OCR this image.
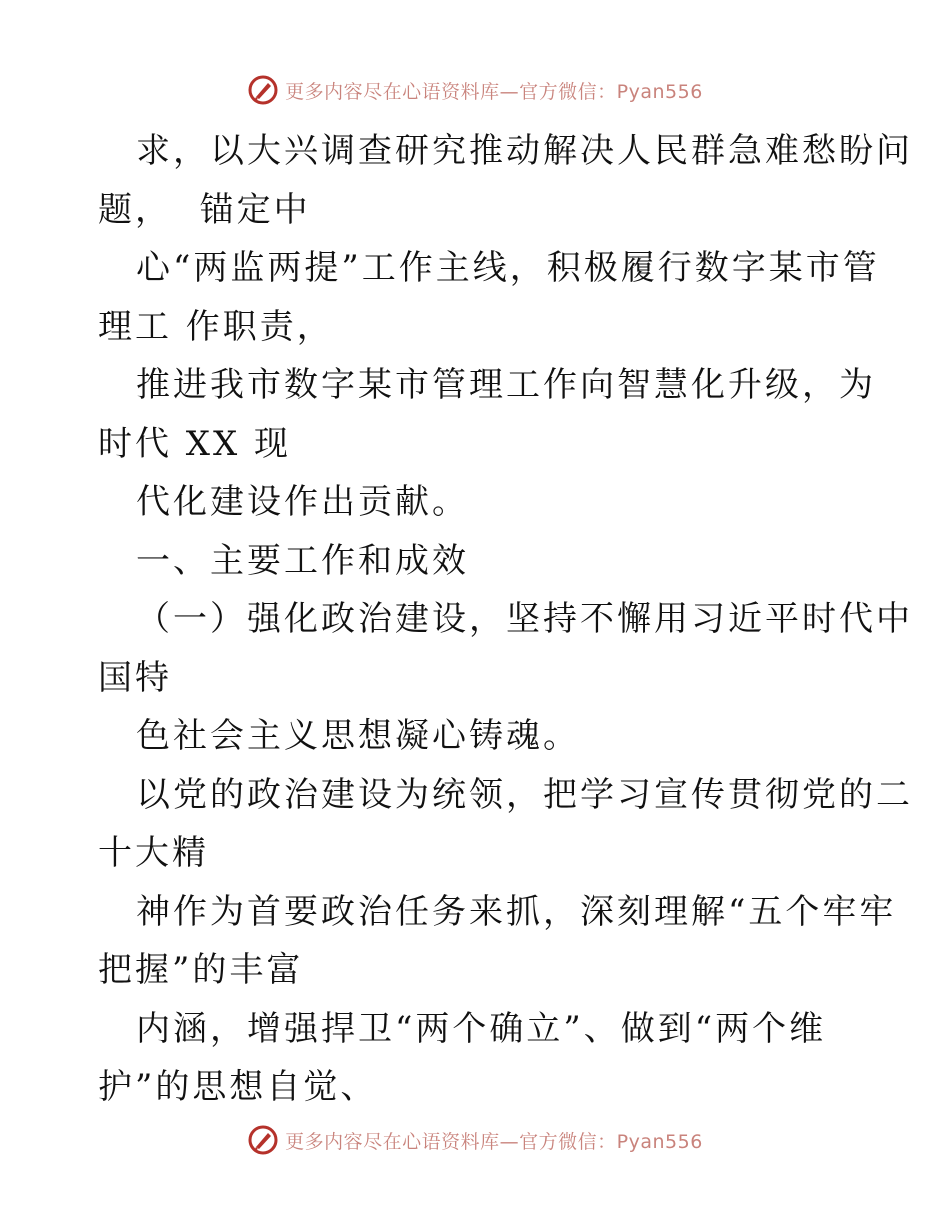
更多内容尽在心语资料库—官方微信：Pyan556
求，以大兴调查研究推动解决人民群急难愁盼问
题，  锚定中
心“两监两提”工作主线，积极履行数字某市管
理工 作职责，
推进我市数字某市管理工作向智慧化升级，为
时代 XX 现
代化建设作出贡献。
一、主要工作和成效
（一）强化政治建设，坚持不懈用习近平时代中
国特
色社会主义思想凝心铸魂。
以党的政治建设为统领，把学习宣传贯彻党的二
十大精
神作为首要政治任务来抓，深刻理解“五个牢牢
把握”的丰富
内涵，增强捍卫“两个确立”、做到“两个维
护”的思想自觉、
更多内容尽在心语资料库—官方微信：Pyan556
